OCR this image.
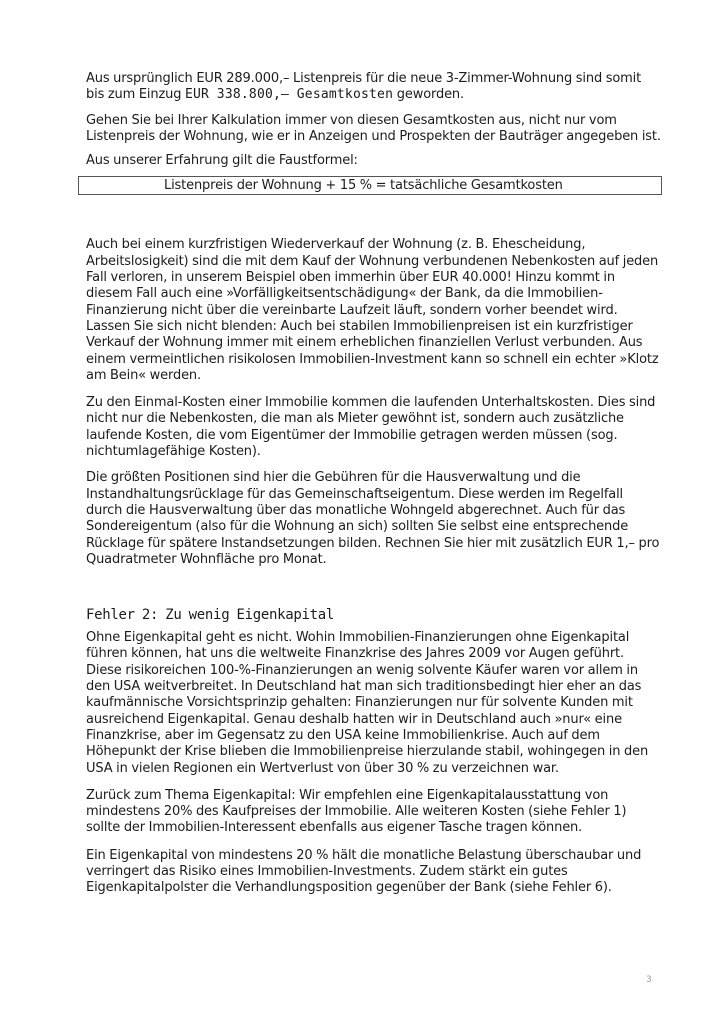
Aus ursprünglich EUR 289.000,– Listenpreis für die neue 3-Zimmer-Wohnung sind somit bis zum Einzug EUR 338.800,– Gesamtkosten geworden.

Gehen Sie bei Ihrer Kalkulation immer von diesen Gesamtkosten aus, nicht nur vom Listenpreis der Wohnung, wie er in Anzeigen und Prospekten der Bauträger angegeben ist.

Aus unserer Erfahrung gilt die Faustformel:

Listenpreis der Wohnung + 15 % = tatsächliche Gesamtkosten

Auch bei einem kurzfristigen Wiederverkauf der Wohnung (z. B. Ehescheidung, Arbeitslosigkeit) sind die mit dem Kauf der Wohnung verbundenen Nebenkosten auf jeden Fall verloren, in unserem Beispiel oben immerhin über EUR 40.000! Hinzu kommt in diesem Fall auch eine »Vorfälligkeitsentschädigung« der Bank, da die Immobilien-Finanzierung nicht über die vereinbarte Laufzeit läuft, sondern vorher beendet wird. Lassen Sie sich nicht blenden: Auch bei stabilen Immobilienpreisen ist ein kurzfristiger Verkauf der Wohnung immer mit einem erheblichen finanziellen Verlust verbunden. Aus einem vermeintlichen risikolosen Immobilien-Investment kann so schnell ein echter »Klotz am Bein« werden.

Zu den Einmal-Kosten einer Immobilie kommen die laufenden Unterhaltskosten. Dies sind nicht nur die Nebenkosten, die man als Mieter gewöhnt ist, sondern auch zusätzliche laufende Kosten, die vom Eigentümer der Immobilie getragen werden müssen (sog. nichtumlagefähige Kosten).

Die größten Positionen sind hier die Gebühren für die Hausverwaltung und die Instandhaltungsrücklage für das Gemeinschaftseigentum. Diese werden im Regelfall durch die Hausverwaltung über das monatliche Wohngeld abgerechnet. Auch für das Sondereigentum (also für die Wohnung an sich) sollten Sie selbst eine entsprechende Rücklage für spätere Instandsetzungen bilden. Rechnen Sie hier mit zusätzlich EUR 1,– pro Quadratmeter Wohnfläche pro Monat.

Fehler 2: Zu wenig Eigenkapital

Ohne Eigenkapital geht es nicht. Wohin Immobilien-Finanzierungen ohne Eigenkapital führen können, hat uns die weltweite Finanzkrise des Jahres 2009 vor Augen geführt. Diese risikoreichen 100-%-Finanzierungen an wenig solvente Käufer waren vor allem in den USA weitverbreitet. In Deutschland hat man sich traditionsbedingt hier eher an das kaufmännische Vorsichtsprinzip gehalten: Finanzierungen nur für solvente Kunden mit ausreichend Eigenkapital. Genau deshalb hatten wir in Deutschland auch »nur« eine Finanzkrise, aber im Gegensatz zu den USA keine Immobilienkrise. Auch auf dem Höhepunkt der Krise blieben die Immobilienpreise hierzulande stabil, wohingegen in den USA in vielen Regionen ein Wertverlust von über 30 % zu verzeichnen war.

Zurück zum Thema Eigenkapital: Wir empfehlen eine Eigenkapitalausstattung von mindestens 20% des Kaufpreises der Immobilie. Alle weiteren Kosten (siehe Fehler 1) sollte der Immobilien-Interessent ebenfalls aus eigener Tasche tragen können.

Ein Eigenkapital von mindestens 20 % hält die monatliche Belastung überschaubar und verringert das Risiko eines Immobilien-Investments. Zudem stärkt ein gutes Eigenkapitalpolster die Verhandlungsposition gegenüber der Bank (siehe Fehler 6).

3
